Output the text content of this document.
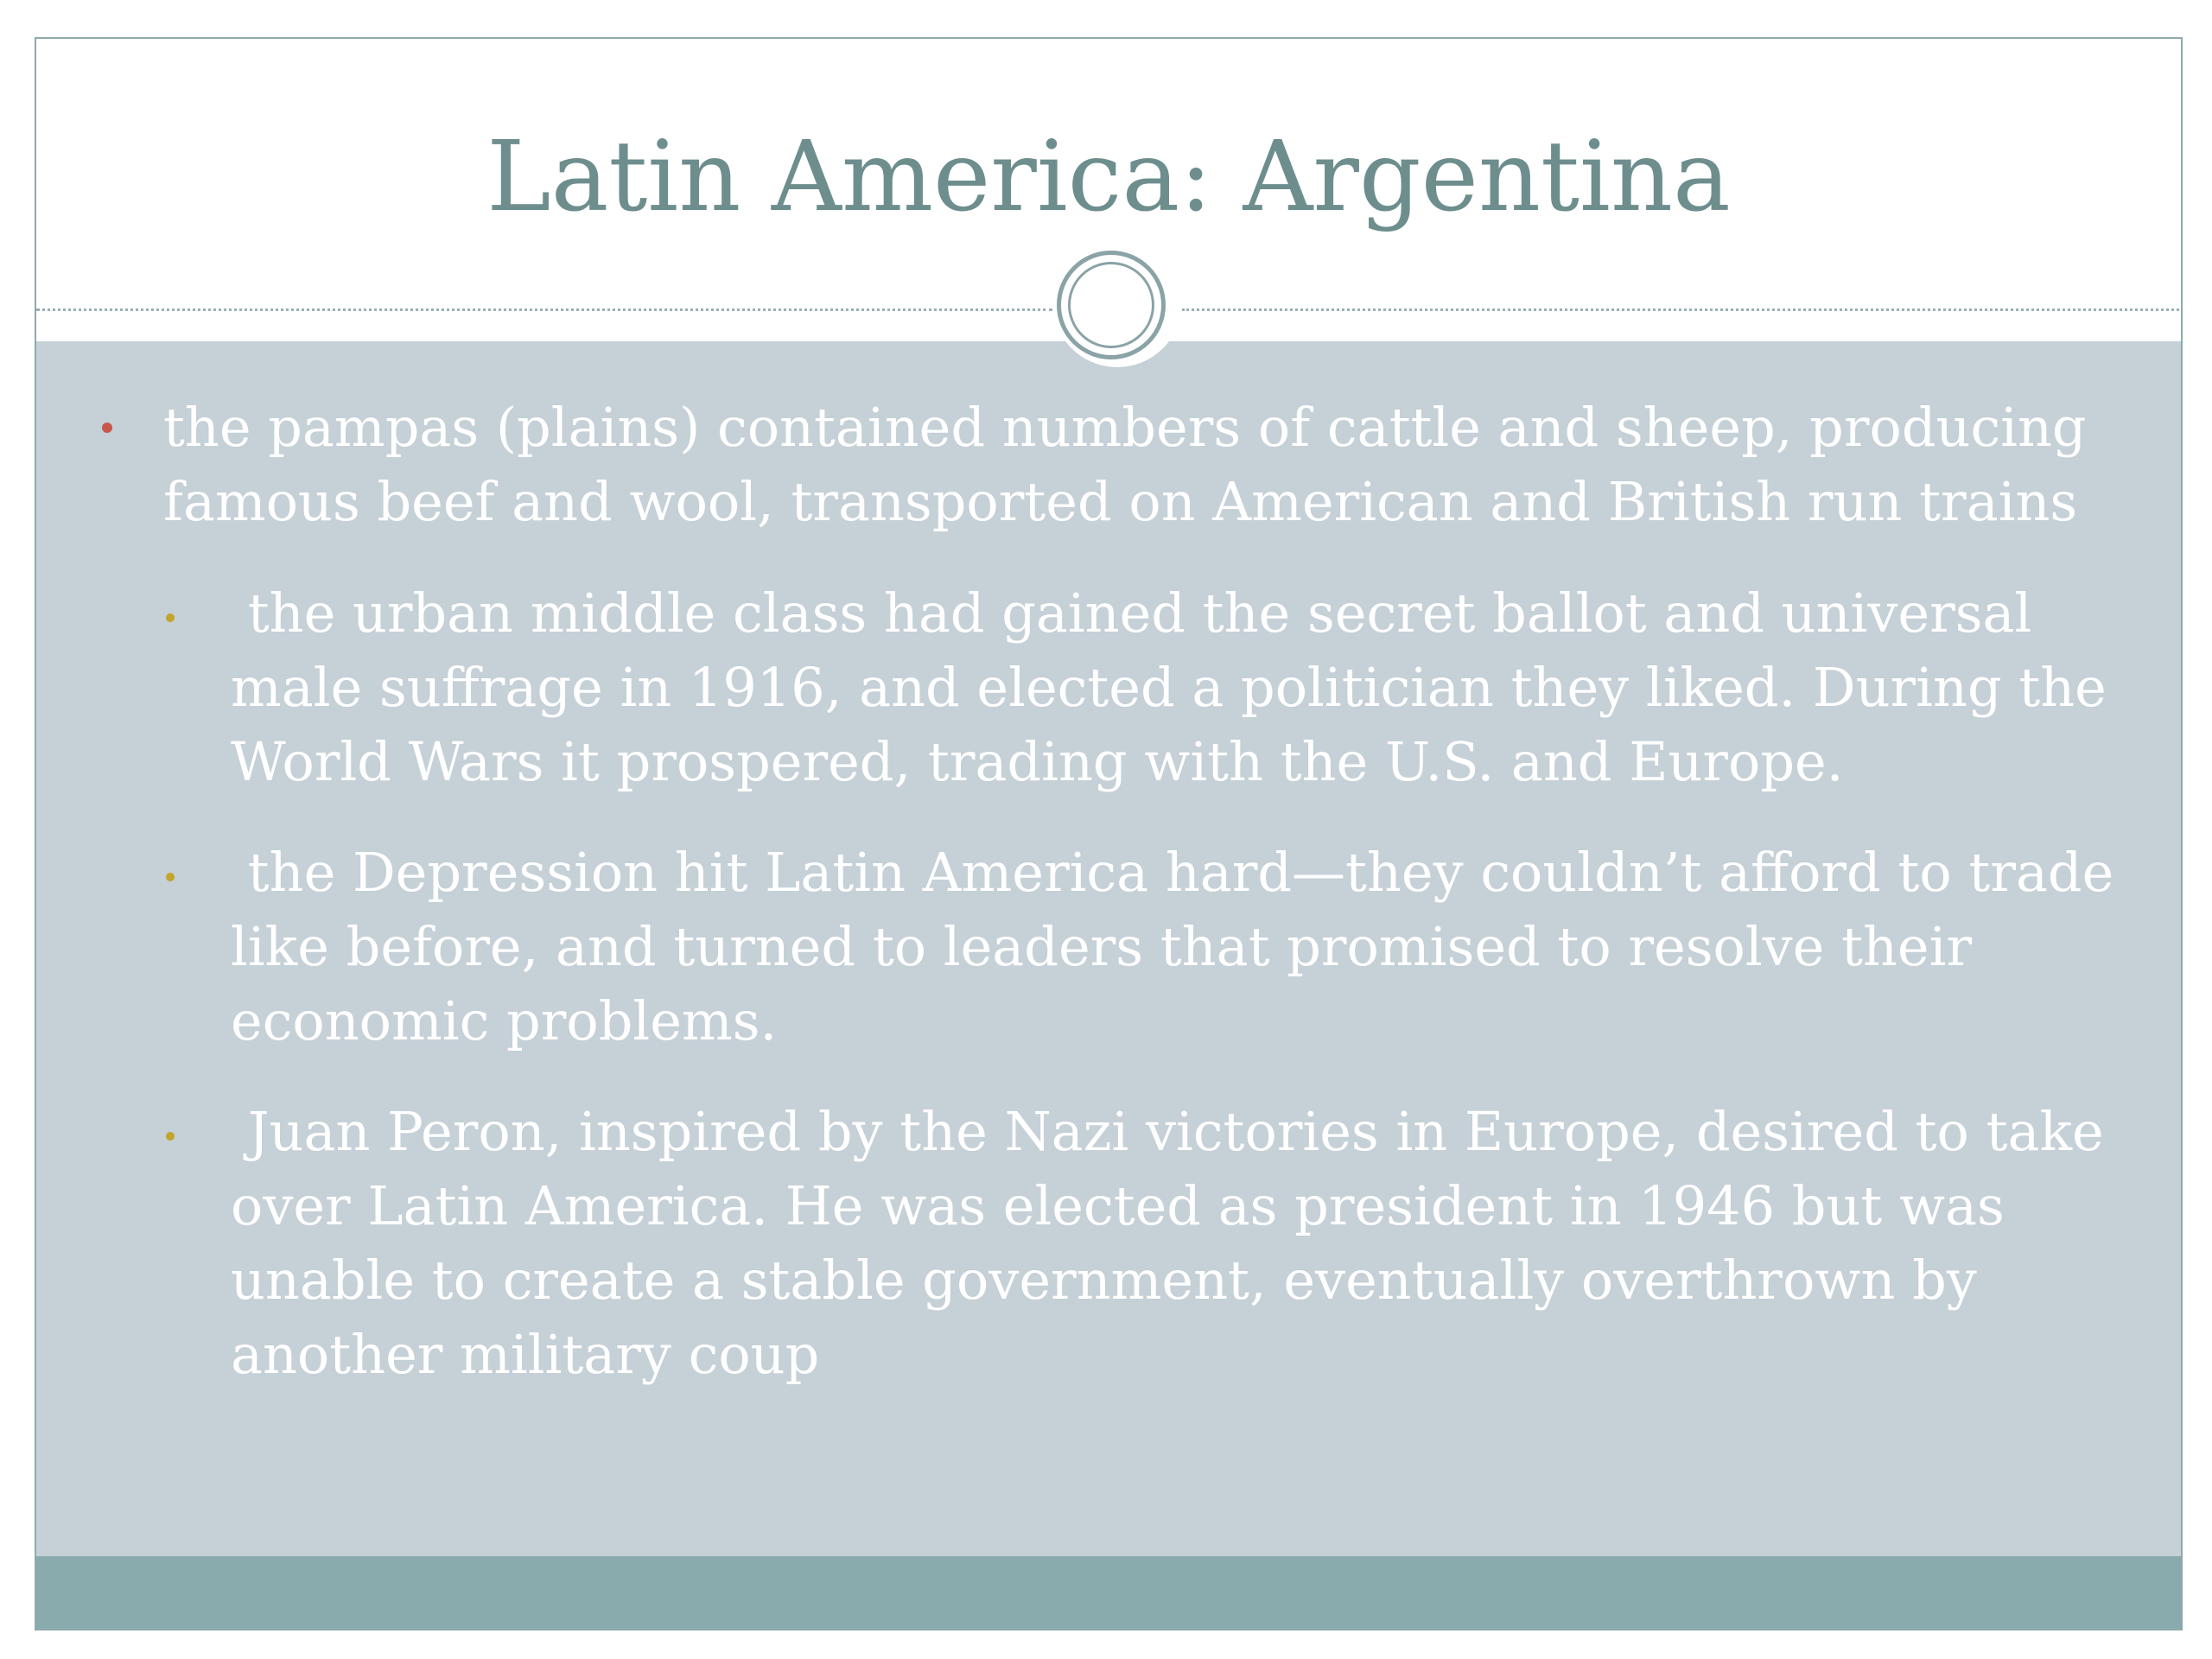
Latin America: Argentina
the pampas (plains) contained numbers of cattle and sheep, producing famous beef and wool, transported on American and British run trains
the urban middle class had gained the secret ballot and universal male suffrage in 1916, and elected a politician they liked. During the World Wars it prospered, trading with the U.S. and Europe.
the Depression hit Latin America hard—they couldn’t afford to trade like before, and turned to leaders that promised to resolve their economic problems.
Juan Peron, inspired by the Nazi victories in Europe, desired to take over Latin America. He was elected as president in 1946 but was unable to create a stable government, eventually overthrown by another military coup
